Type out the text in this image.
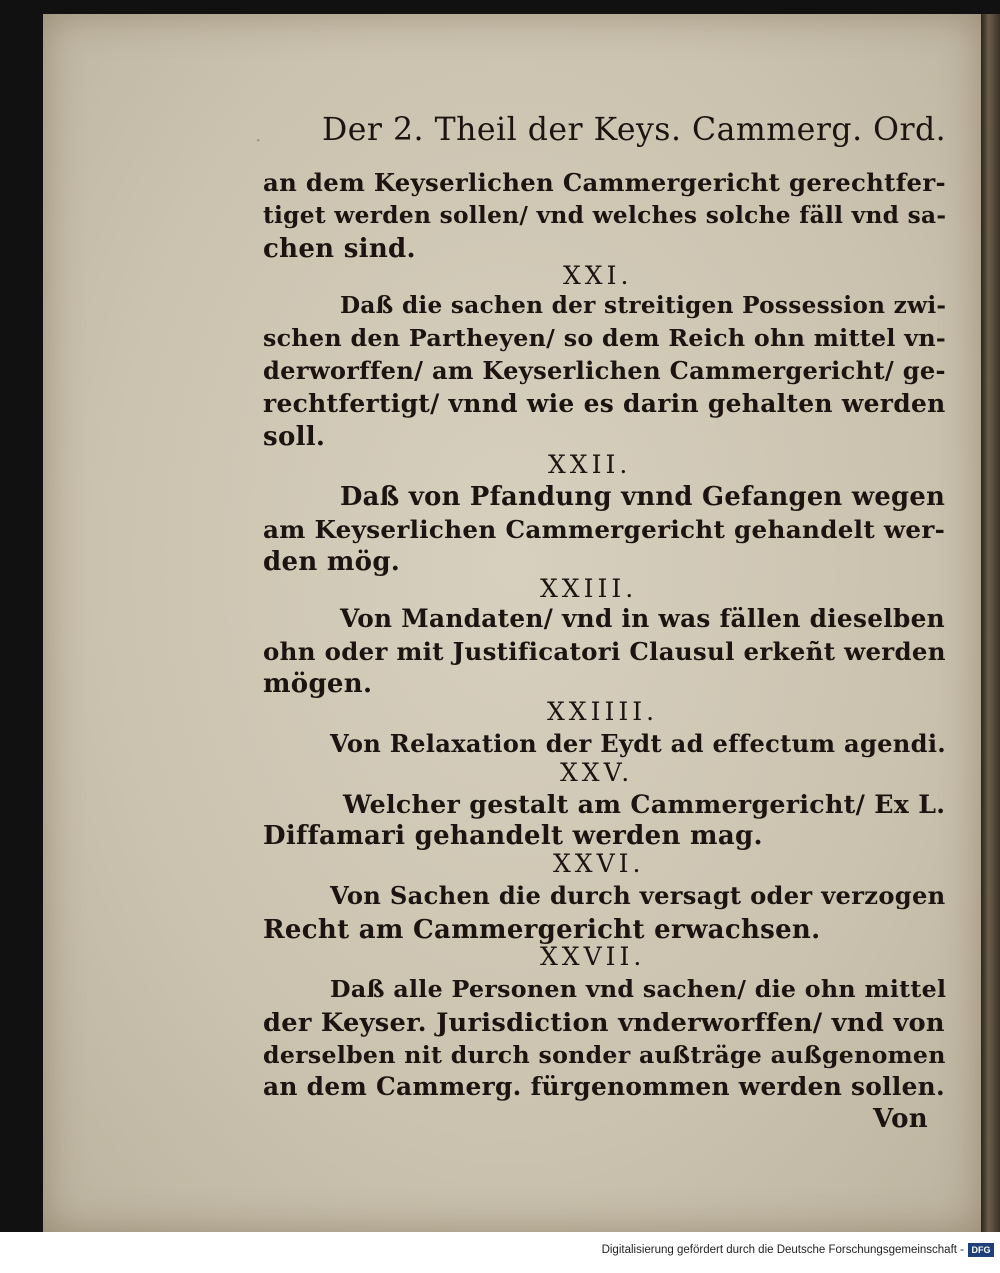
· Der 2. Theil der Keys. Cammerg. Ord.

an dem Keyserlichen Cammergericht gerechtfer-

tiget werden sollen/ vnd welches solche fäll vnd sa-

chen sind.

XXI.

Daß die sachen der streitigen Possession zwi-

schen den Partheyen/ so dem Reich ohn mittel vn-

derworffen/ am Keyserlichen Cammergericht/ ge-

rechtfertigt/ vnnd wie es darin gehalten werden

soll.

XXII.

Daß von Pfandung vnnd Gefangen wegen

am Keyserlichen Cammergericht gehandelt wer-

den mög.

XXIII.

Von Mandaten/ vnd in was fällen dieselben

ohn oder mit Justificatori Clausul erkeñt werden

mögen.

XXIIII.

Von Relaxation der Eydt ad effectum agendi.

XXV.

Welcher gestalt am Cammergericht/ Ex L.

Diffamari gehandelt werden mag.

XXVI.

Von Sachen die durch versagt oder verzogen

Recht am Cammergericht erwachsen.

XXVII.

Daß alle Personen vnd sachen/ die ohn mittel

der Keyser. Jurisdiction vnderworffen/ vnd von

derselben nit durch sonder außträge außgenomen

an dem Cammerg. fürgenommen werden sollen.

Von

Digitalisierung gefördert durch die Deutsche Forschungsgemeinschaft - DFG
